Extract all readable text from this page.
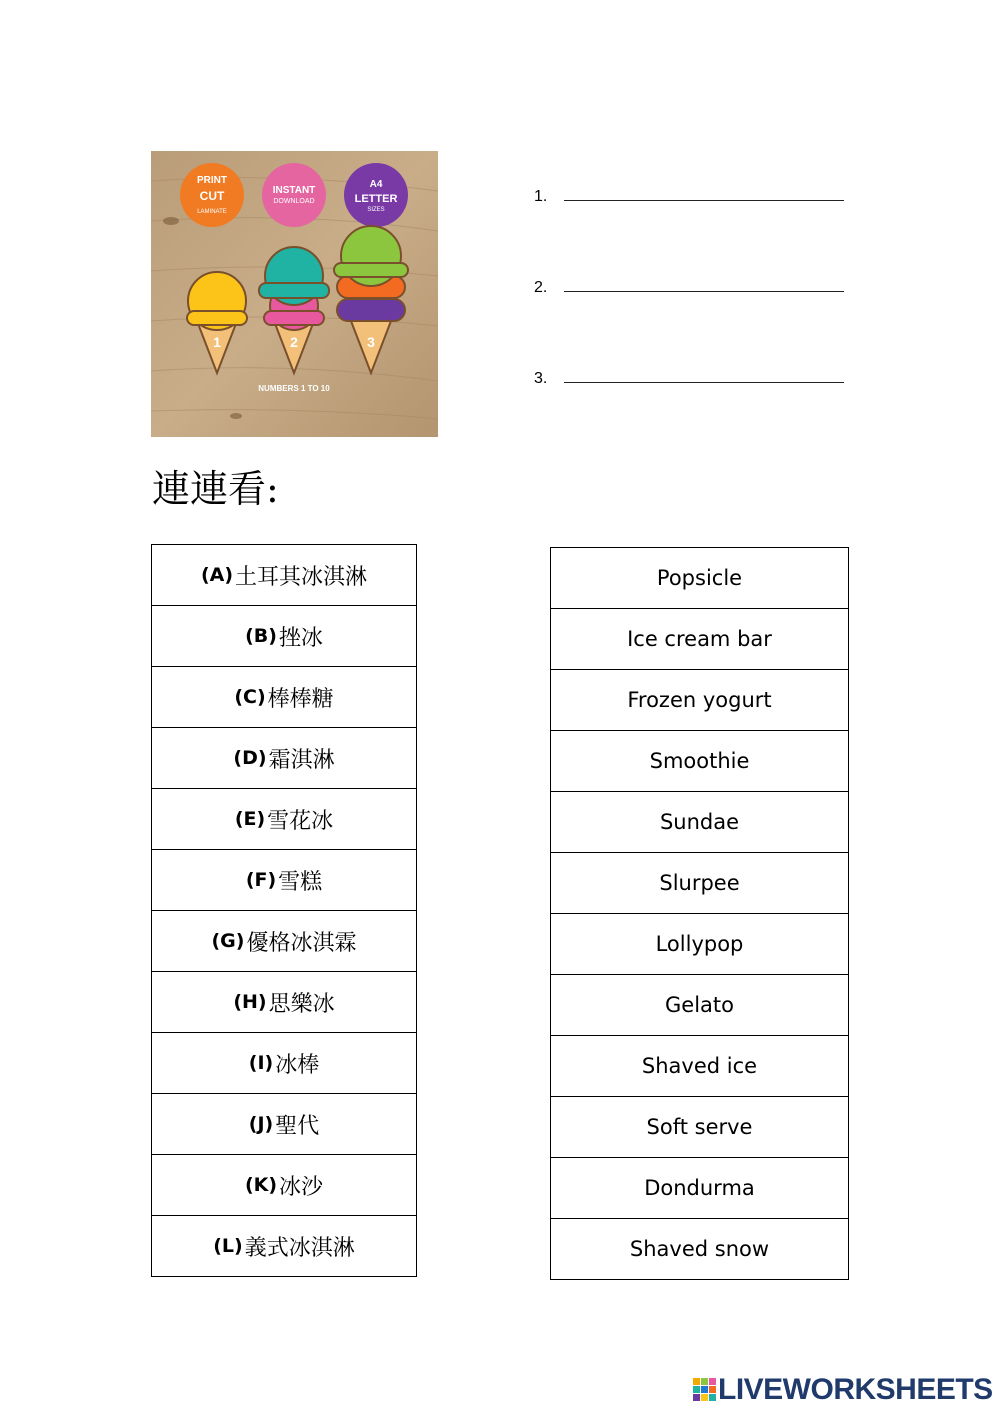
PRINT
CUT
LAMINATE
INSTANT
DOWNLOAD
A4
LETTER
SIZES
1	2	3
NUMBERS 1 TO 10
1.
2.
3.
連連看:
(A) 土耳其冰淇淋
(B) 挫冰
(C) 棒棒糖
(D) 霜淇淋
(E) 雪花冰
(F) 雪糕
(G) 優格冰淇霖
(H) 思樂冰
(I) 冰棒
(J) 聖代
(K) 冰沙
(L) 義式冰淇淋
Popsicle
Ice cream bar
Frozen yogurt
Smoothie
Sundae
Slurpee
Lollypop
Gelato
Shaved ice
Soft serve
Dondurma
Shaved snow
LIVEWORKSHEETS
